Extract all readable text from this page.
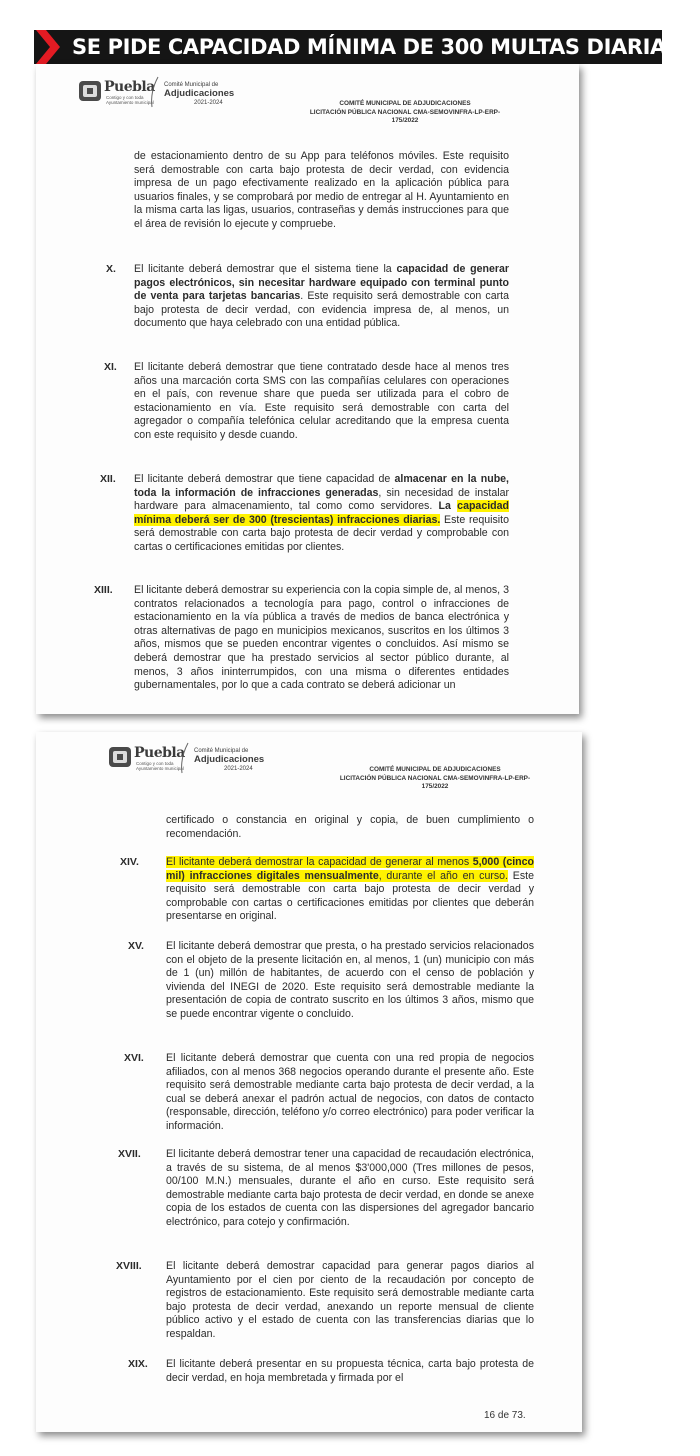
SE PIDE CAPACIDAD MÍNIMA DE 300 MULTAS DIARIAS
Puebla
Contigo y con toda
Ayuntamiento municipal
Comité Municipal de
Adjudicaciones
2021-2024	COMITÉ MUNICIPAL DE ADJUDICACIONES
LICITACIÓN PÚBLICA NACIONAL CMA-SEMOVINFRA-LP-ERP-
175/2022
de estacionamiento dentro de su App para teléfonos móviles. Este requisito será demostrable con carta bajo protesta de decir verdad, con evidencia impresa de un pago efectivamente realizado en la aplicación pública para usuarios finales, y se comprobará por medio de entregar al H. Ayuntamiento en la misma carta las ligas, usuarios, contraseñas y demás instrucciones para que el área de revisión lo ejecute y compruebe.
X. El licitante deberá demostrar que el sistema tiene la capacidad de generar pagos electrónicos, sin necesitar hardware equipado con terminal punto de venta para tarjetas bancarias. Este requisito será demostrable con carta bajo protesta de decir verdad, con evidencia impresa de, al menos, un documento que haya celebrado con una entidad pública.
XI. El licitante deberá demostrar que tiene contratado desde hace al menos tres años una marcación corta SMS con las compañías celulares con operaciones en el país, con revenue share que pueda ser utilizada para el cobro de estacionamiento en vía. Este requisito será demostrable con carta del agregador o compañía telefónica celular acreditando que la empresa cuenta con este requisito y desde cuando.
XII. El licitante deberá demostrar que tiene capacidad de almacenar en la nube, toda la información de infracciones generadas, sin necesidad de instalar hardware para almacenamiento, tal como como servidores. La capacidad mínima deberá ser de 300 (trescientas) infracciones diarias. Este requisito será demostrable con carta bajo protesta de decir verdad y comprobable con cartas o certificaciones emitidas por clientes.
XIII. El licitante deberá demostrar su experiencia con la copia simple de, al menos, 3 contratos relacionados a tecnología para pago, control o infracciones de estacionamiento en la vía pública a través de medios de banca electrónica y otras alternativas de pago en municipios mexicanos, suscritos en los últimos 3 años, mismos que se pueden encontrar vigentes o concluidos. Así mismo se deberá demostrar que ha prestado servicios al sector público durante, al menos, 3 años ininterrumpidos, con una misma o diferentes entidades gubernamentales, por lo que a cada contrato se deberá adicionar un
Puebla
Contigo y con toda
Ayuntamiento municipal
Comité Municipal de
Adjudicaciones
2021-2024	COMITÉ MUNICIPAL DE ADJUDICACIONES
LICITACIÓN PÚBLICA NACIONAL CMA-SEMOVINFRA-LP-ERP-
175/2022
certificado o constancia en original y copia, de buen cumplimiento o recomendación.
XIV.	El licitante deberá demostrar la capacidad de generar al menos 5,000 (cinco mil) infracciones digitales mensualmente, durante el año en curso. Este requisito será demostrable con carta bajo protesta de decir verdad y comprobable con cartas o certificaciones emitidas por clientes que deberán presentarse en original.
XV. El licitante deberá demostrar que presta, o ha prestado servicios relacionados con el objeto de la presente licitación en, al menos, 1 (un) municipio con más de 1 (un) millón de habitantes, de acuerdo con el censo de población y vivienda del INEGI de 2020. Este requisito será demostrable mediante la presentación de copia de contrato suscrito en los últimos 3 años, mismo que se puede encontrar vigente o concluido.
XVI. El licitante deberá demostrar que cuenta con una red propia de negocios afiliados, con al menos 368 negocios operando durante el presente año. Este requisito será demostrable mediante carta bajo protesta de decir verdad, a la cual se deberá anexar el padrón actual de negocios, con datos de contacto (responsable, dirección, teléfono y/o correo electrónico) para poder verificar la información.
XVII. El licitante deberá demostrar tener una capacidad de recaudación electrónica, a través de su sistema, de al menos $3'000,000 (Tres millones de pesos, 00/100 M.N.) mensuales, durante el año en curso. Este requisito será demostrable mediante carta bajo protesta de decir verdad, en donde se anexe copia de los estados de cuenta con las dispersiones del agregador bancario electrónico, para cotejo y confirmación.
XVIII. El licitante deberá demostrar capacidad para generar pagos diarios al Ayuntamiento por el cien por ciento de la recaudación por concepto de registros de estacionamiento. Este requisito será demostrable mediante carta bajo protesta de decir verdad, anexando un reporte mensual de cliente público activo y el estado de cuenta con las transferencias diarias que lo respaldan.
XIX. El licitante deberá presentar en su propuesta técnica, carta bajo protesta de decir verdad, en hoja membretada y firmada por el
16 de 73.
